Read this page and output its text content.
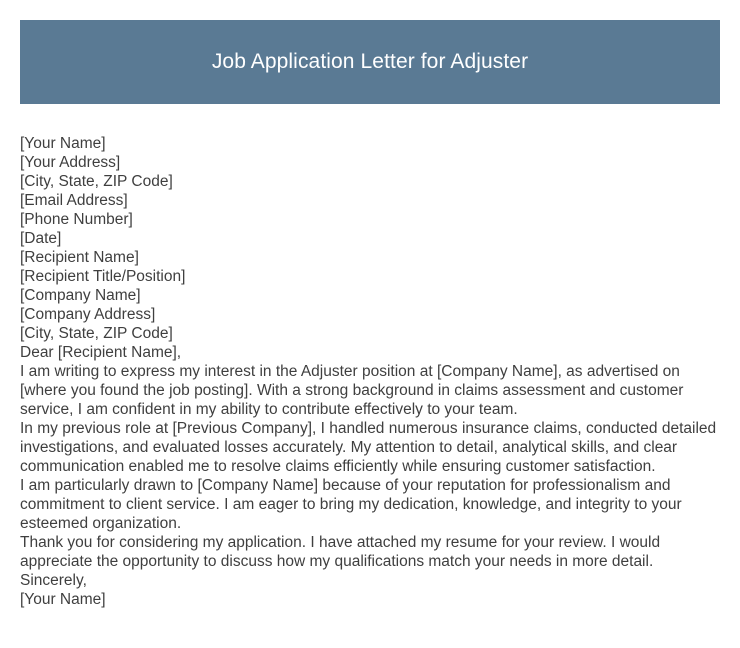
Job Application Letter for Adjuster
[Your Name]
[Your Address]
[City, State, ZIP Code]
[Email Address]
[Phone Number]
[Date]
[Recipient Name]
[Recipient Title/Position]
[Company Name]
[Company Address]
[City, State, ZIP Code]
Dear [Recipient Name],
I am writing to express my interest in the Adjuster position at [Company Name], as advertised on [where you found the job posting]. With a strong background in claims assessment and customer service, I am confident in my ability to contribute effectively to your team.
In my previous role at [Previous Company], I handled numerous insurance claims, conducted detailed investigations, and evaluated losses accurately. My attention to detail, analytical skills, and clear communication enabled me to resolve claims efficiently while ensuring customer satisfaction.
I am particularly drawn to [Company Name] because of your reputation for professionalism and commitment to client service. I am eager to bring my dedication, knowledge, and integrity to your esteemed organization.
Thank you for considering my application. I have attached my resume for your review. I would appreciate the opportunity to discuss how my qualifications match your needs in more detail.
Sincerely,
[Your Name]
